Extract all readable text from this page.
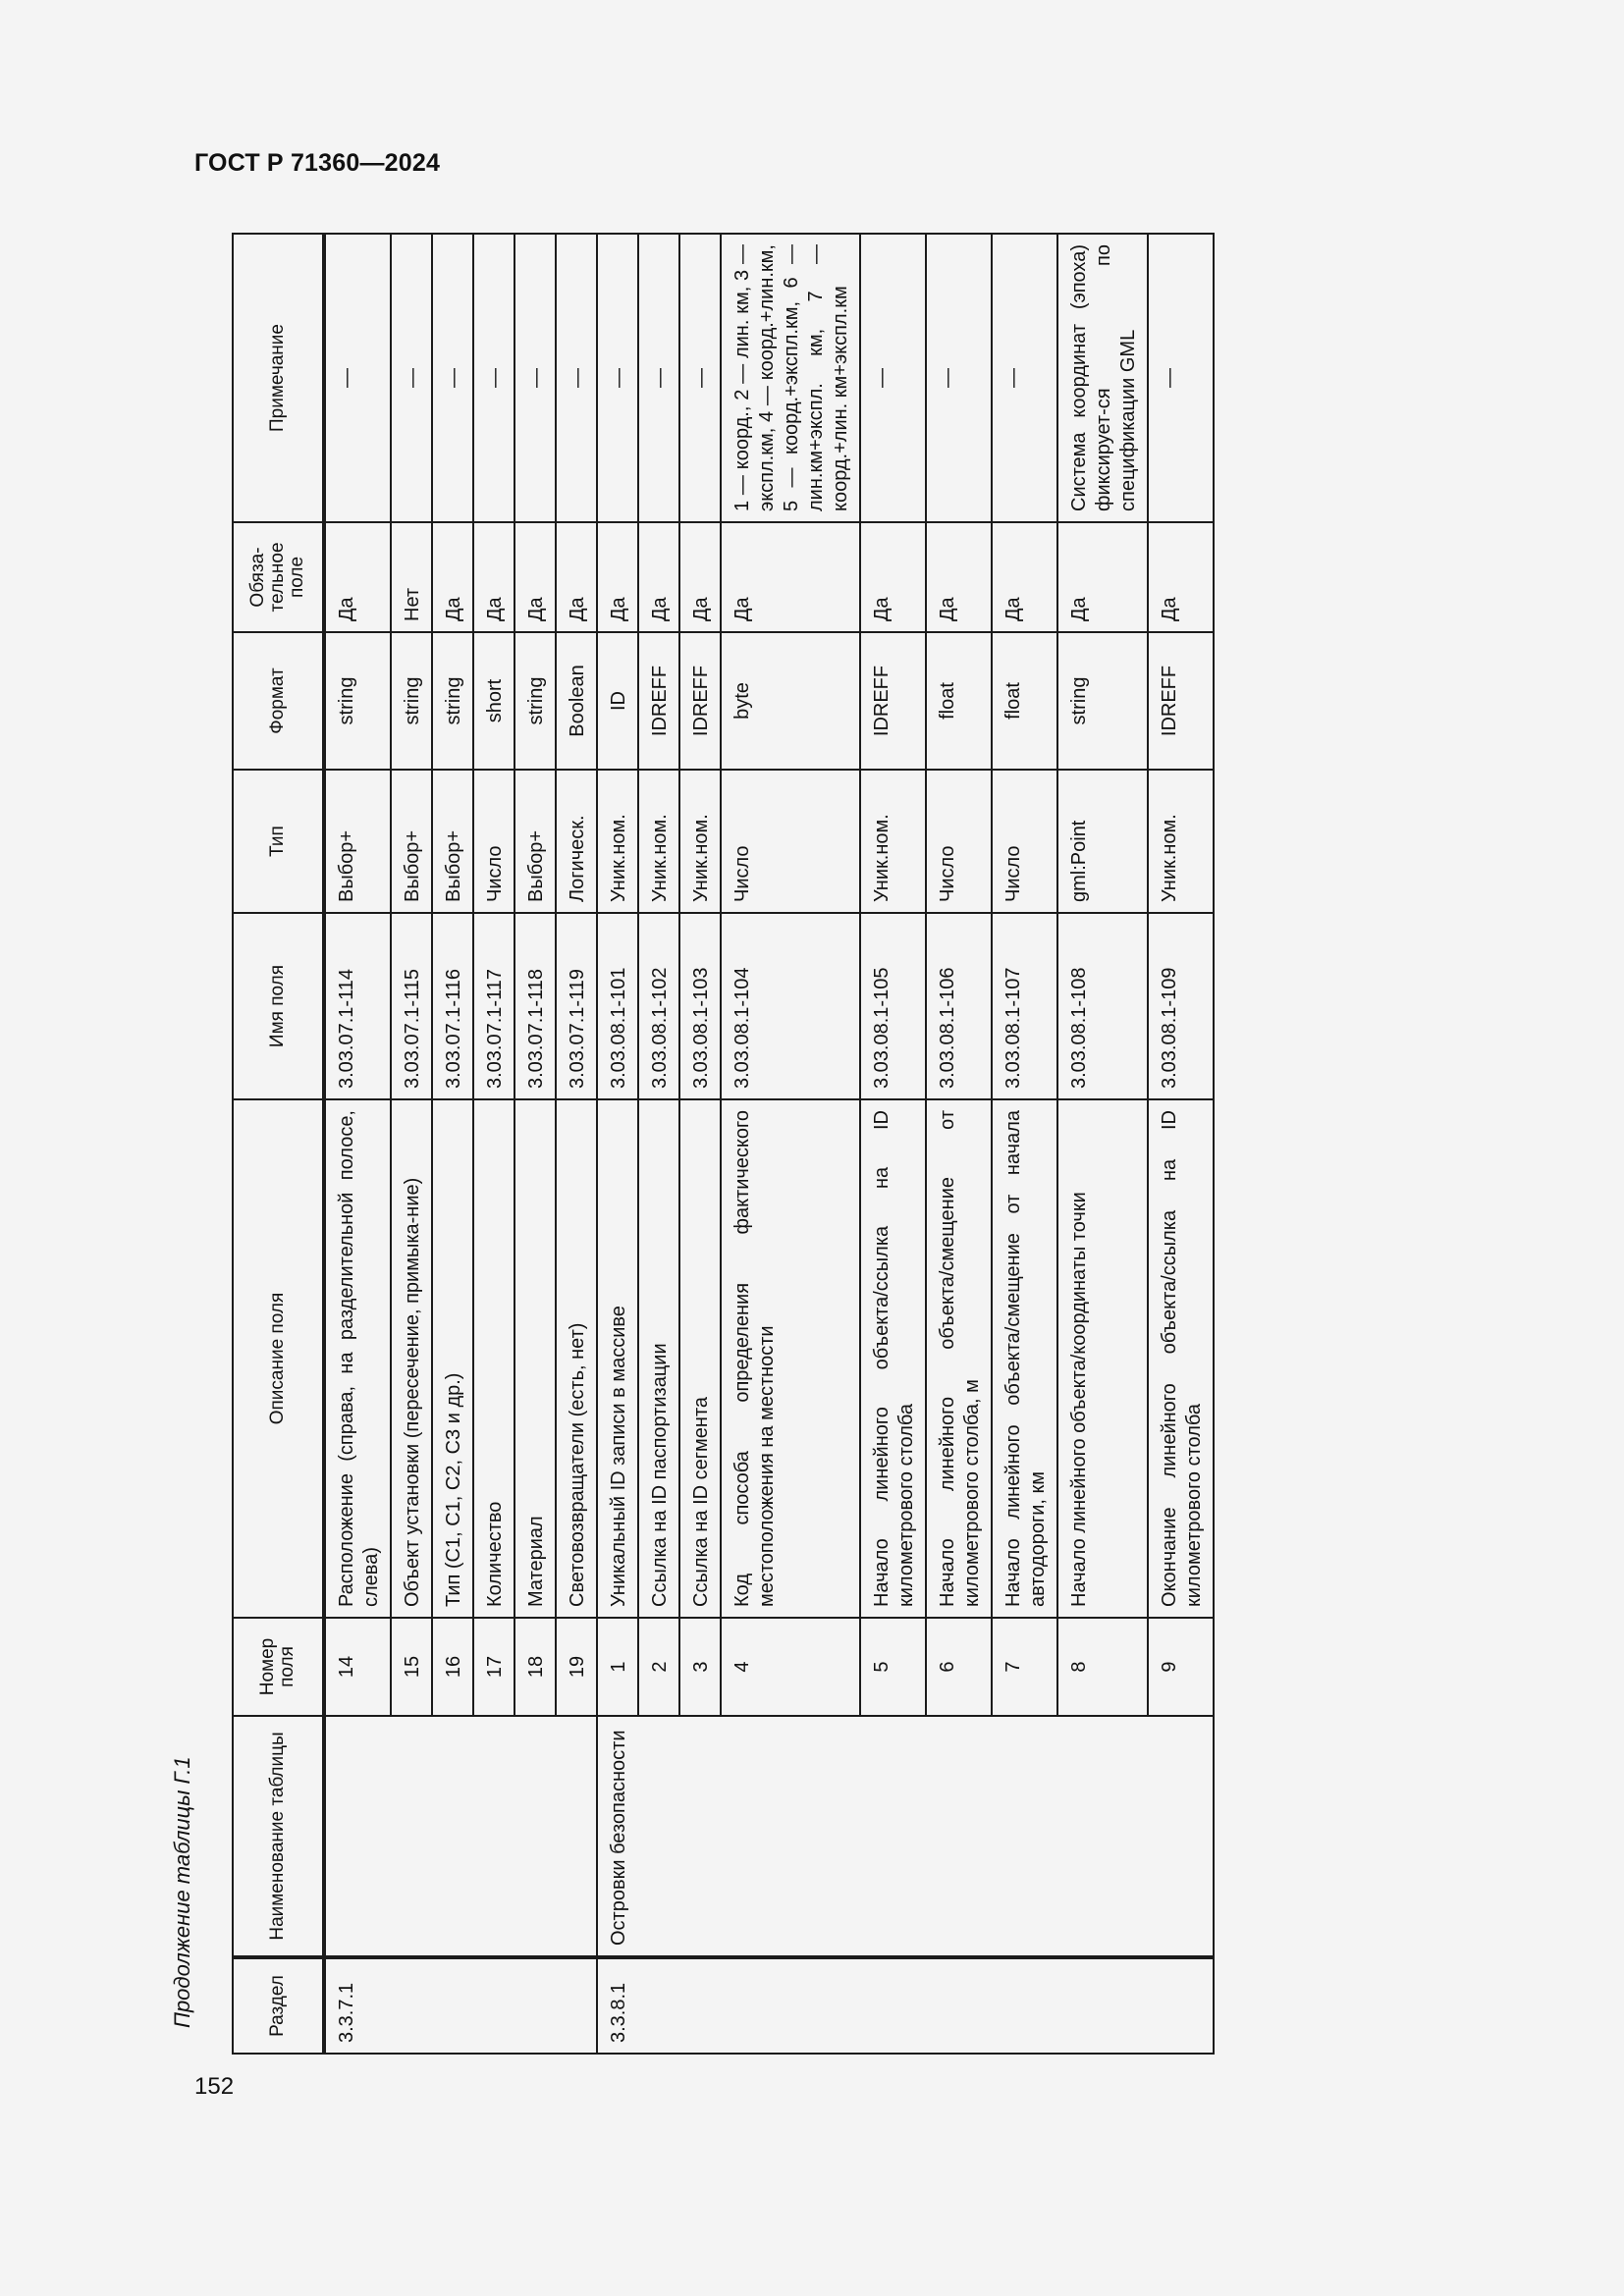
ГОСТ Р 71360—2024
Продолжение таблицы Г.1	Раздел	Наименование таблицы	Номер поля	Описание поля	Имя поля	Тип	Формат	Обяза-тельное поле	Примечание
3.3.7.1		14	Расположение (справа, на разделительной полосе, слева)	3.03.07.1-114	Выбор+	string	Да	—
		15	Объект установки (пересечение, примыка-ние)	3.03.07.1-115	Выбор+	string	Нет	—
		16	Тип (С1, С1, С2, С3 и др.)	3.03.07.1-116	Выбор+	string	Да	—
		17	Количество	3.03.07.1-117	Число	short	Да	—
		18	Материал	3.03.07.1-118	Выбор+	string	Да	—
		19	Световозвращатели (есть, нет)	3.03.07.1-119	Логическ.	Boolean	Да	—
3.3.8.1	Островки безопасности	1	Уникальный ID записи в массиве	3.03.08.1-101	Уник.ном.	ID	Да	—
		2	Ссылка на ID паспортизации	3.03.08.1-102	Уник.ном.	IDREFF	Да	—
		3	Ссылка на ID сегмента	3.03.08.1-103	Уник.ном.	IDREFF	Да	—
		4	Код способа определения фактического местоположения на местности	3.03.08.1-104	Число	byte	Да	1 — коорд., 2 — лин. км, 3 — экспл.км, 4 — коорд.+лин.км, 5 — коорд.+экспл.км, 6 — лин.км+экспл. км, 7 — коорд.+лин. км+экспл.км
		5	Начало линейного объекта/ссылка на ID километрового столба	3.03.08.1-105	Уник.ном.	IDREFF	Да	—
		6	Начало линейного объекта/смещение от километрового столба, м	3.03.08.1-106	Число	float	Да	—
		7	Начало линейного объекта/смещение от начала автодороги, км	3.03.08.1-107	Число	float	Да	—
		8	Начало линейного объекта/координаты точки	3.03.08.1-108	gml:Point	string	Да	Система координат (эпоха) фиксирует-ся по спецификации GML
		9	Окончание линейного объекта/ссылка на ID километрового столба	3.03.08.1-109	Уник.ном.	IDREFF	Да	—
152
